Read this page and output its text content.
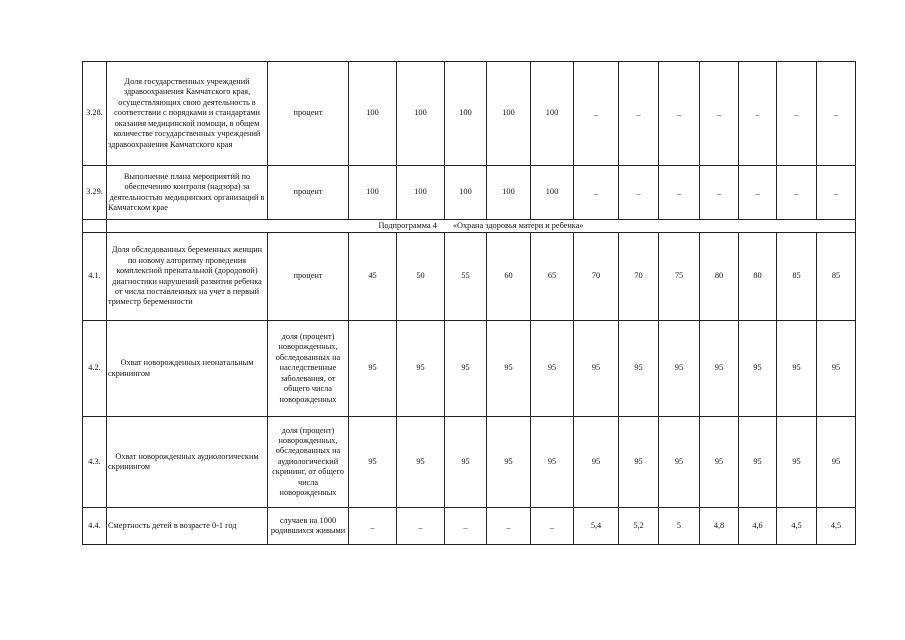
3.28.	Доля государственных учреждений здравоохранения Камчатского края, осуществляющих свою деятельность в соответствии с порядками и стандартами оказания медицинской помощи, в общем количестве государственных учреждений здравоохранения Камчатского края	процент	100	100	100	100	100	_	_	_	_	_	_	_
3.29.	Выполнение плана мероприятий по обеспечению контроля (надзора) за деятельностью медицинских организаций в Камчатском крае	процент	100	100	100	100	100	_	_	_	_	_	_	_
	Подпрограмма 4 «Охрана здоровья матери и ребенка»													
4.1.	Доля обследованных беременных женщин по новому алгоритму проведения комплексной пренатальной (дородовой) диагностики нарушений развития ребенка от числа поставленных на учет в первый триместр беременности	процент	45	50	55	60	65	70	70	75	80	80	85	85
4.2.	Охват новорожденных неонатальным скринингом	доля (процент) новорожденных, обследованных на наследственные заболевания, от общего числа новорожденных	95	95	95	95	95	95	95	95	95	95	95	95
4.3.	Охват новорожденных аудиологическим скринингом	доля (процент) новорожденных, обследованных на аудиологический скрининг, от общего числа новорожденных	95	95	95	95	95	95	95	95	95	95	95	95
4.4.	Смертность детей в возрасте 0-1 год	случаев на 1000 родившихся живыми	_	_	_	_	_	5,4	5,2	5	4,8	4,6	4,5	4,5
